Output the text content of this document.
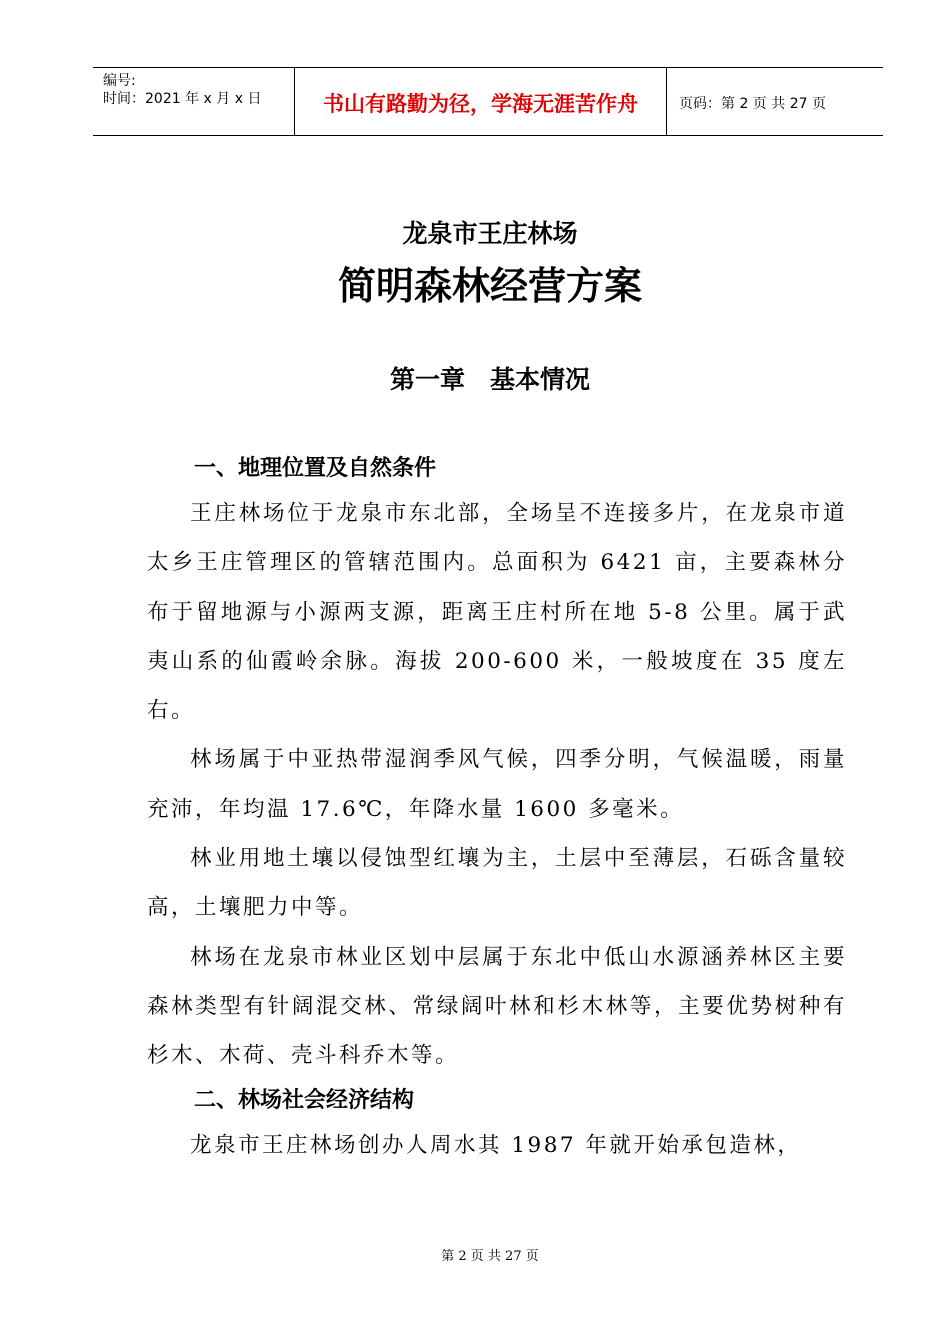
编号:
时间：2021 年 x 月 x 日	书山有路勤为径，学海无涯苦作舟	页码：第 2 页 共 27 页
龙泉市王庄林场
简明森林经营方案
第一章　基本情况
一、地理位置及自然条件

王庄林场位于龙泉市东北部，全场呈不连接多片，在龙泉市道太乡王庄管理区的管辖范围内。总面积为 6421 亩，主要森林分布于留地源与小源两支源，距离王庄村所在地 5-8 公里。属于武夷山系的仙霞岭余脉。海拔 200-600 米，一般坡度在 35 度左右。

林场属于中亚热带湿润季风气候，四季分明，气候温暖，雨量充沛，年均温 17.6℃，年降水量 1600 多毫米。

林业用地土壤以侵蚀型红壤为主，土层中至薄层，石砾含量较高，土壤肥力中等。

林场在龙泉市林业区划中层属于东北中低山水源涵养林区主要森林类型有针阔混交林、常绿阔叶林和杉木林等，主要优势树种有杉木、木荷、壳斗科乔木等。

二、林场社会经济结构

龙泉市王庄林场创办人周水其 1987 年就开始承包造林，

第 2 页 共 27 页
